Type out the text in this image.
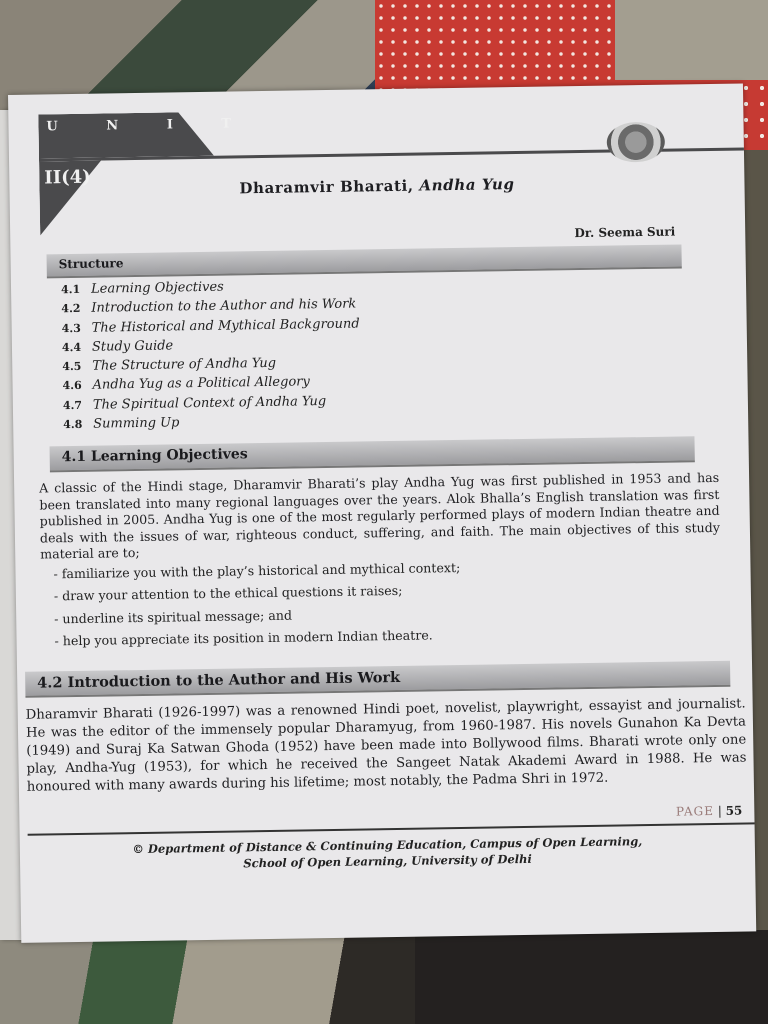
U N I T
II(4)	Dharamvir Bharati, Andha Yug
Dr. Seema Suri
Structure
4.1 Learning Objectives
4.2 Introduction to the Author and his Work
4.3 The Historical and Mythical Background
4.4 Study Guide
4.5 The Structure of Andha Yug
4.6 Andha Yug as a Political Allegory
4.7 The Spiritual Context of Andha Yug
4.8 Summing Up
4.1 Learning Objectives
A classic of the Hindi stage, Dharamvir Bharati’s play Andha Yug was first published in 1953 and has been translated into many regional languages over the years. Alok Bhalla’s English translation was first published in 2005. Andha Yug is one of the most regularly performed plays of modern Indian theatre and deals with the issues of war, righteous conduct, suffering, and faith. The main objectives of this study material are to;
- familiarize you with the play’s historical and mythical context;
- draw your attention to the ethical questions it raises;
- underline its spiritual message; and
- help you appreciate its position in modern Indian theatre.
4.2 Introduction to the Author and His Work
Dharamvir Bharati (1926-1997) was a renowned Hindi poet, novelist, playwright, essayist and journalist. He was the editor of the immensely popular Dharamyug, from 1960-1987. His novels Gunahon Ka Devta (1949) and Suraj Ka Satwan Ghoda (1952) have been made into Bollywood films. Bharati wrote only one play, Andha-Yug (1953), for which he received the Sangeet Natak Akademi Award in 1988. He was honoured with many awards during his lifetime; most notably, the Padma Shri in 1972.
PAGE | 55
© Department of Distance & Continuing Education, Campus of Open Learning,
School of Open Learning, University of Delhi
